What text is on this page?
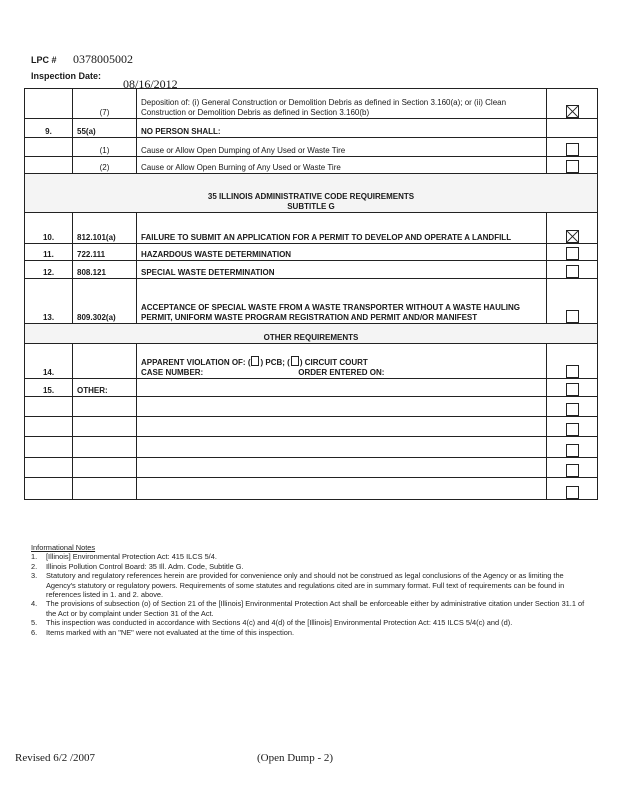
LPC # 0378005002
Inspection Date:
08/16/2012
	(7)	Deposition of: (i) General Construction or Demolition Debris as defined in Section 3.160(a); or (ii) Clean Construction or Demolition Debris as defined in Section 3.160(b)	
9.	55(a)	NO PERSON SHALL:	
	(1)	Cause or Allow Open Dumping of Any Used or Waste Tire	
	(2)	Cause or Allow Open Burning of Any Used or Waste Tire	

35 ILLINOIS ADMINISTRATIVE CODE REQUIREMENTS
SUBTITLE G			

10.	812.101(a)	FAILURE TO SUBMIT AN APPLICATION FOR A PERMIT TO DEVELOP AND OPERATE A LANDFILL	
11.	722.111	HAZARDOUS WASTE DETERMINATION	
12.	808.121	SPECIAL WASTE DETERMINATION	
13.	809.302(a)	ACCEPTANCE OF SPECIAL WASTE FROM A WASTE TRANSPORTER WITHOUT A WASTE HAULING PERMIT, UNIFORM WASTE PROGRAM REGISTRATION AND PERMIT AND/OR MANIFEST	
OTHER REQUIREMENTS			
14.		APPARENT VIOLATION OF: ( ) PCB; ( ) CIRCUIT COURT
CASE NUMBER: ORDER ENTERED ON:	

15.	OTHER:		

Informational Notes
1.	[Illinois] Environmental Protection Act: 415 ILCS 5/4.
2.	Illinois Pollution Control Board: 35 Ill. Adm. Code, Subtitle G.
3.	Statutory and regulatory references herein are provided for convenience only and should not be construed as legal conclusions of the Agency or as limiting the Agency's statutory or regulatory powers. Requirements of some statutes and regulations cited are in summary format. Full text of requirements can be found in references listed in 1. and 2. above.
4.	The provisions of subsection (o) of Section 21 of the [Illinois] Environmental Protection Act shall be enforceable either by administrative citation under Section 31.1 of the Act or by complaint under Section 31 of the Act.
5.	This inspection was conducted in accordance with Sections 4(c) and 4(d) of the [Illinois] Environmental Protection Act: 415 ILCS 5/4(c) and (d).
6.	Items marked with an "NE" were not evaluated at the time of this inspection.
Revised 6/2 /2007	(Open Dump - 2)
